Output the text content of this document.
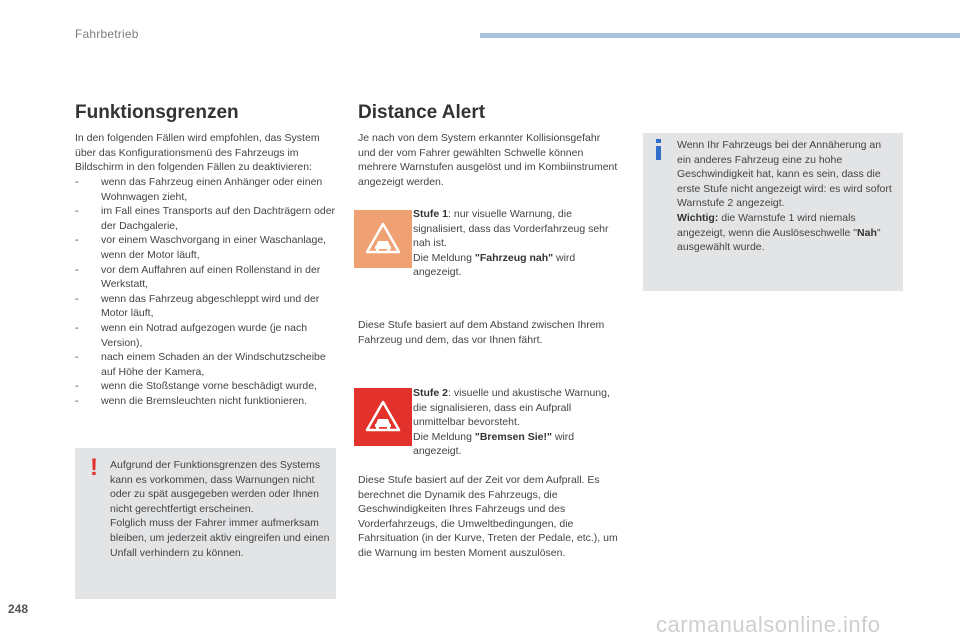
Fahrbetrieb
Funktionsgrenzen

In den folgenden Fällen wird empfohlen, das System über das Konfigurationsmenü des Fahrzeugs im Bildschirm in den folgenden Fällen zu deaktivieren:

- wenn das Fahrzeug einen Anhänger oder einen Wohnwagen zieht,
- im Fall eines Transports auf den Dachträgern oder der Dachgalerie,
- vor einem Waschvorgang in einer Waschanlage, wenn der Motor läuft,
- vor dem Auffahren auf einen Rollenstand in der Werkstatt,
- wenn das Fahrzeug abgeschleppt wird und der Motor läuft,
- wenn ein Notrad aufgezogen wurde (je nach Version),
- nach einem Schaden an der Windschutzscheibe auf Höhe der Kamera,
- wenn die Stoßstange vorne beschädigt wurde,
- wenn die Bremsleuchten nicht funktionieren.
! Aufgrund der Funktionsgrenzen des Systems kann es vorkommen, dass Warnungen nicht oder zu spät ausgegeben werden oder Ihnen nicht gerechtfertigt erscheinen.

Folglich muss der Fahrer immer aufmerksam bleiben, um jederzeit aktiv eingreifen und einen Unfall verhindern zu können.

Distance Alert

Je nach von dem System erkannter Kollisionsgefahr und der vom Fahrer gewählten Schwelle können mehrere Warnstufen ausgelöst und im Kombiinstrument angezeigt werden.

Stufe 1: nur visuelle Warnung, die signalisiert, dass das Vorderfahrzeug sehr nah ist.

Die Meldung "Fahrzeug nah" wird angezeigt.

Diese Stufe basiert auf dem Abstand zwischen Ihrem Fahrzeug und dem, das vor Ihnen fährt.

Stufe 2: visuelle und akustische Warnung, die signalisieren, dass ein Aufprall unmittelbar bevorsteht.

Die Meldung "Bremsen Sie!" wird angezeigt.

Diese Stufe basiert auf der Zeit vor dem Aufprall. Es berechnet die Dynamik des Fahrzeugs, die Geschwindigkeiten Ihres Fahrzeugs und des Vorderfahrzeugs, die Umweltbedingungen, die Fahrsituation (in der Kurve, Treten der Pedale, etc.), um die Warnung im besten Moment auszulösen.

Wenn Ihr Fahrzeugs bei der Annäherung an ein anderes Fahrzeug eine zu hohe Geschwindigkeit hat, kann es sein, dass die erste Stufe nicht angezeigt wird: es wird sofort Warnstufe 2 angezeigt.

Wichtig: die Warnstufe 1 wird niemals angezeigt, wenn die Auslöseschwelle "Nah" ausgewählt wurde.

248
carmanualsonline.info
